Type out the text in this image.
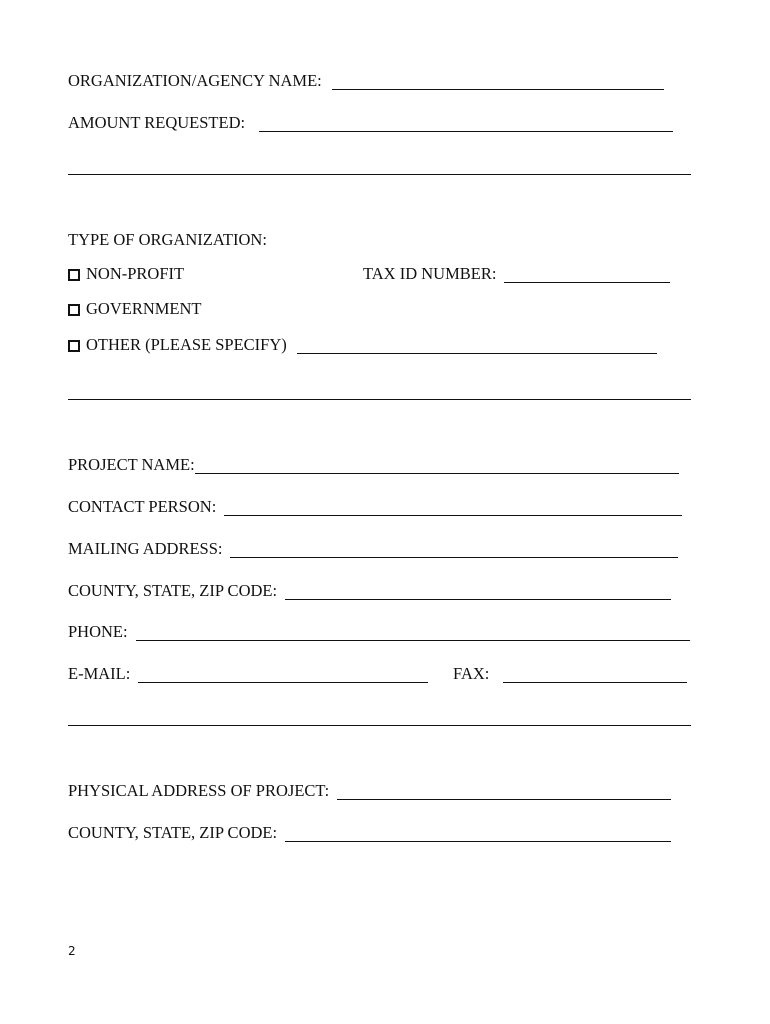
ORGANIZATION/AGENCY NAME:
AMOUNT REQUESTED:
TYPE OF ORGANIZATION:
NON-PROFIT	TAX ID NUMBER:
GOVERNMENT
OTHER (PLEASE SPECIFY)
PROJECT NAME:
CONTACT PERSON:
MAILING ADDRESS:
COUNTY, STATE, ZIP CODE:
PHONE:
E-MAIL:	FAX:
PHYSICAL ADDRESS OF PROJECT:
COUNTY, STATE, ZIP CODE:
2
